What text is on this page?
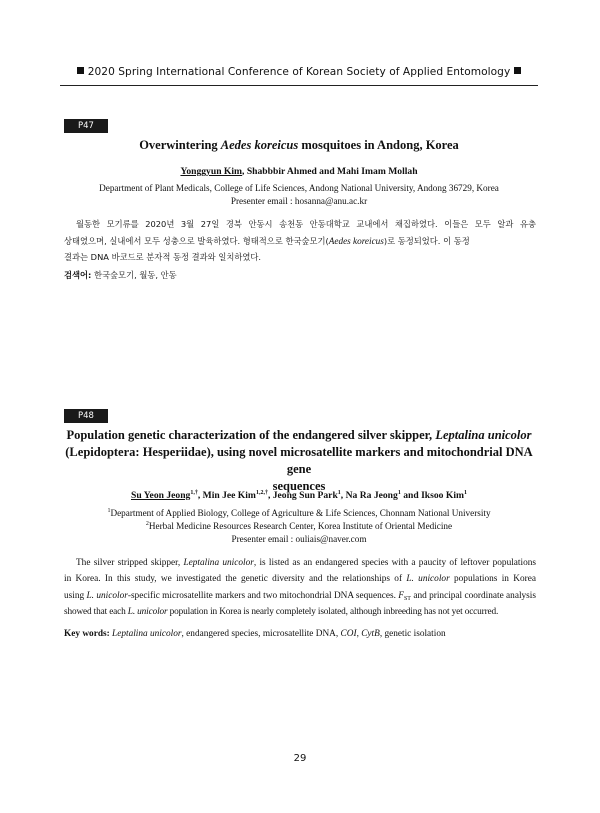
2020 Spring International Conference of Korean Society of Applied Entomology
P47
Overwintering Aedes koreicus mosquitoes in Andong, Korea
Yonggyun Kim, Shabbbir Ahmed and Mahi Imam Mollah
Department of Plant Medicals, College of Life Sciences, Andong National University, Andong 36729, Korea
Presenter email : hosanna@anu.ac.kr
월동한 모기류를 2020년 3월 27일 경북 안동시 송천동 안동대학교 교내에서 채집하였다. 이들은 모두 알과 유충
상태였으며, 실내에서 모두 성충으로 발육하였다. 형태적으로 한국숲모기(Aedes koreicus)로 동정되었다. 이 동정
결과는 DNA 바코드로 분자적 동정 결과와 일치하였다.
검색어: 한국숲모기, 월동, 안동
P48
Population genetic characterization of the endangered silver skipper, Leptalina unicolor
(Lepidoptera: Hesperiidae), using novel microsatellite markers and mitochondrial DNA gene
sequences
Su Yeon Jeong$^{1,\dagger}$, Min Jee Kim$^{1,2,\dagger}$, Jeong Sun Park$^1$, Na Ra Jeong$^1$ and Iksoo Kim$^1$
$^1$Department of Applied Biology, College of Agriculture & Life Sciences, Chonnam National University
$^2$Herbal Medicine Resources Research Center, Korea Institute of Oriental Medicine
Presenter email : ouliais@naver.com
The silver stripped skipper, Leptalina unicolor, is listed as an endangered species with a paucity of leftover populations
in Korea. In this study, we investigated the genetic diversity and the relationships of L. unicolor populations in Korea
using L. unicolor-specific microsatellite markers and two mitochondrial DNA sequences. $F_{ST}$ and principal coordinate analysis
showed that each L. unicolor population in Korea is nearly completely isolated, although inbreeding has not yet occurred.
Key words: Leptalina unicolor, endangered species, microsatellite DNA, COI, CytB, genetic isolation
29
